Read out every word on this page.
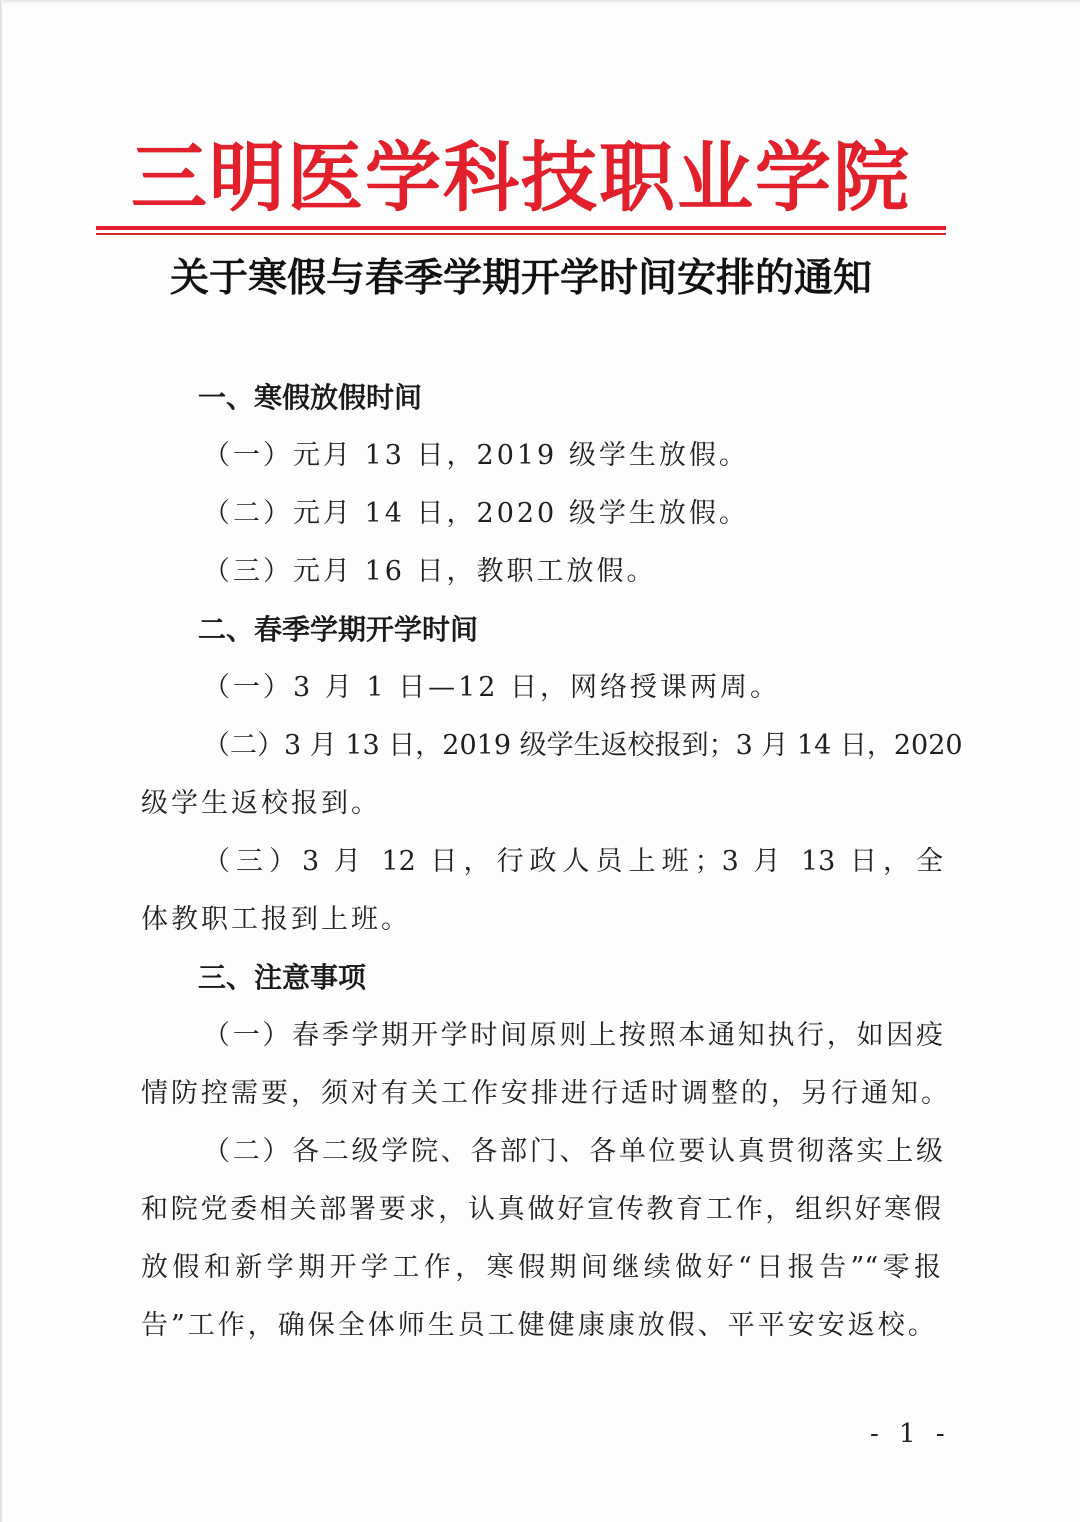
三明医学科技职业学院
关于寒假与春季学期开学时间安排的通知
一、寒假放假时间
（一）元月 13 日，2019 级学生放假。
（二）元月 14 日，2020 级学生放假。
（三）元月 16 日，教职工放假。
二、春季学期开学时间
（一）3 月 1 日—12 日，网络授课两周。
（二）3 月 13 日，2019 级学生返校报到；3 月 14 日，2020
级学生返校报到。
（三）3 月 12 日，行政人员上班；3 月 13 日，全
体教职工报到上班。
三、注意事项
（一）春季学期开学时间原则上按照本通知执行，如因疫
情防控需要，须对有关工作安排进行适时调整的，另行通知。
（二）各二级学院、各部门、各单位要认真贯彻落实上级
和院党委相关部署要求，认真做好宣传教育工作，组织好寒假
放假和新学期开学工作，寒假期间继续做好“日报告”“零报
告”工作，确保全体师生员工健健康康放假、平平安安返校。
- 1 -
